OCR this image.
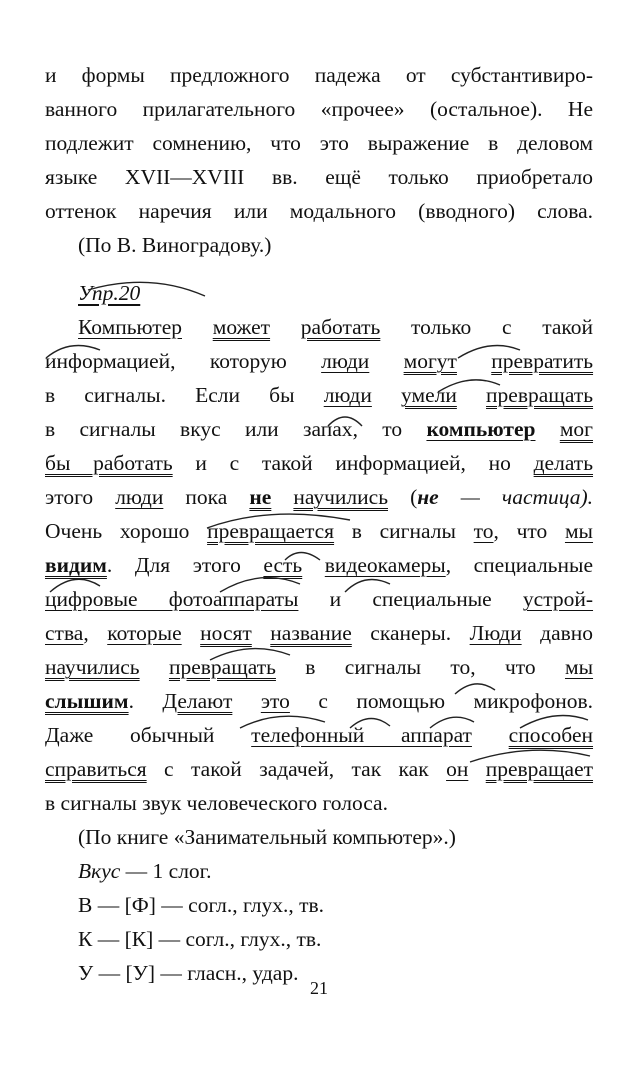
и формы предложного падежа от субстантивиро-
ванного прилагательного «прочее» (остальное). Не
подлежит сомнению, что это выражение в деловом
языке XVII—XVIII вв. ещё только приобретало
оттенок наречия или модального (вводного) слова.
(По В. Виноградову.)
Упр.20
Компьютер может работать только с такой
информацией, которую люди могут превратить
в сигналы. Если бы люди умели превращать
в сигналы вкус или запах, то компьютер мог
бы работать и с такой информацией, но делать
этого люди пока не научились (не — частица).
Очень хорошо превращается в сигналы то, что мы
видим. Для этого есть видеокамеры, специальные
цифровые фотоаппараты и специальные устрой-
ства, которые носят название сканеры. Люди давно
научились превращать в сигналы то, что мы
слышим. Делают это с помощью микрофонов.
Даже обычный телефонный аппарат способен
справиться с такой задачей, так как он превращает
в сигналы звук человеческого голоса.
(По книге «Занимательный компьютер».)
Вкус — 1 слог.
В — [Ф] — согл., глух., тв.
К — [К] — согл., глух., тв.
У — [У] — гласн., удар.
21
